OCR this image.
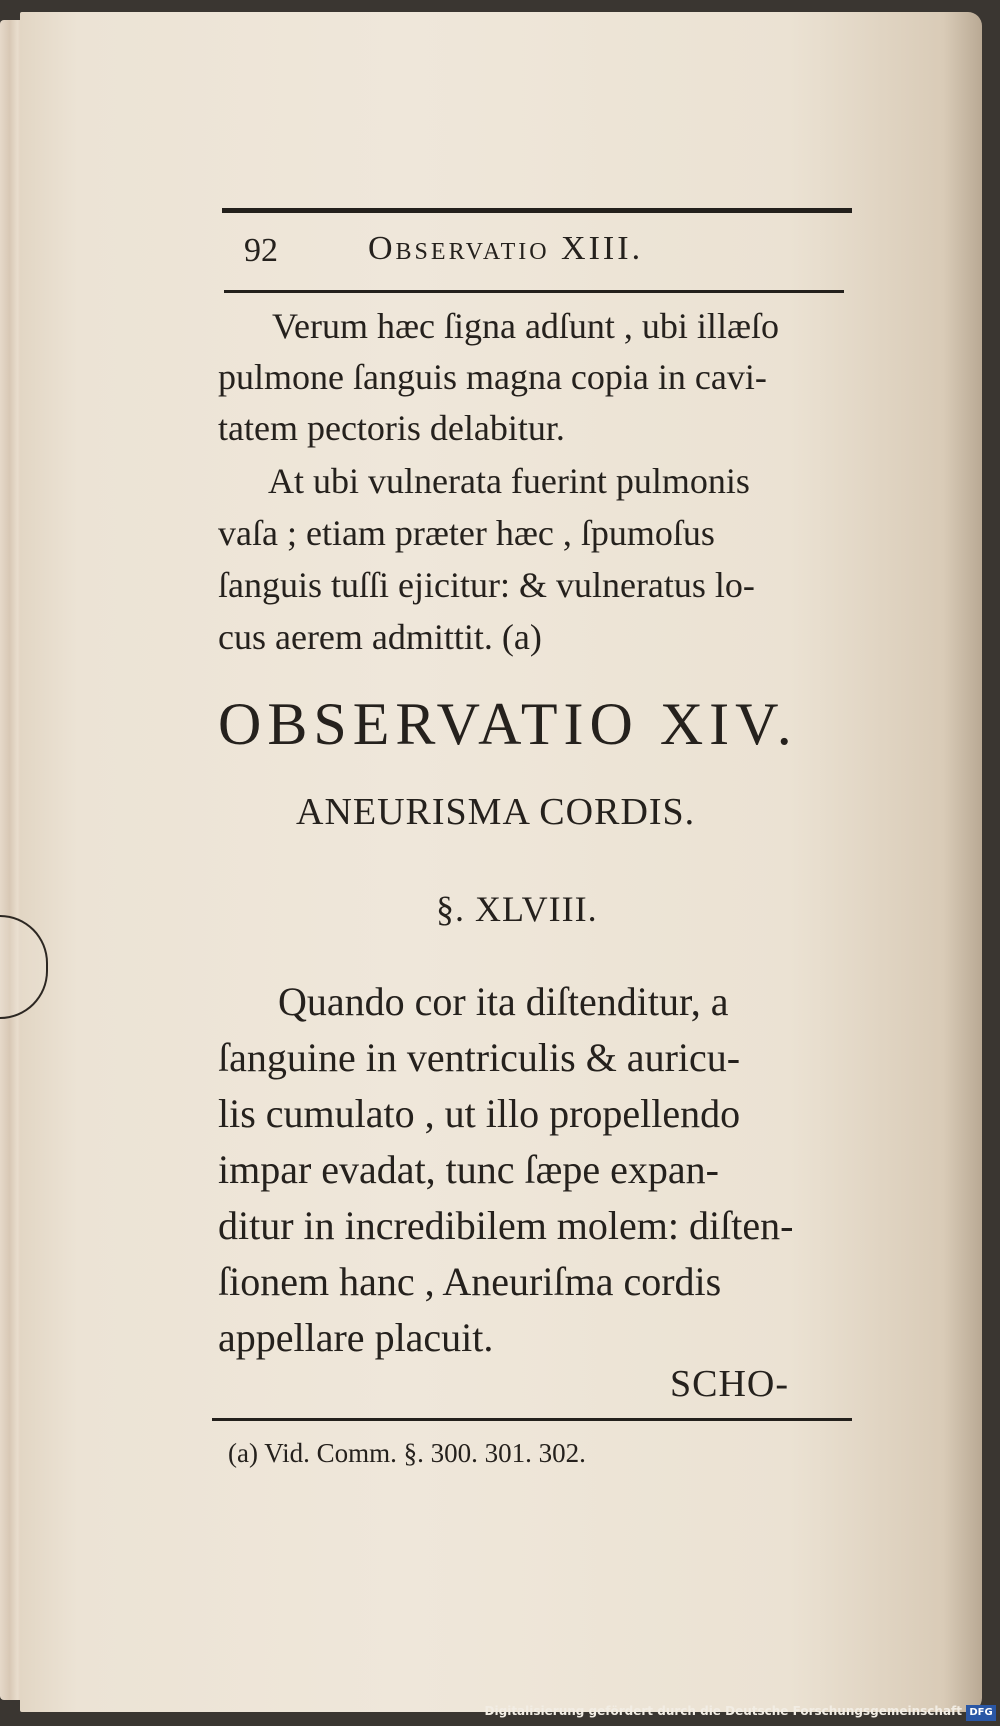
92	Observatio XIII.
Verum hæc ſigna adſunt , ubi illæſo
pulmone ſanguis magna copia in cavi-
tatem pectoris delabitur.
At ubi vulnerata fuerint pulmonis
vaſa ; etiam præter hæc , ſpumoſus
ſanguis tuſſi ejicitur: & vulneratus lo-
cus aerem admittit. (a)
OBSERVATIO XIV.
ANEURISMA CORDIS.
§. XLVIII.
Quando cor ita diſtenditur, a
ſanguine in ventriculis & auricu-
lis cumulato , ut illo propellendo
impar evadat, tunc ſæpe expan-
ditur in incredibilem molem: diſten-
ſionem hanc , Aneuriſma cordis
appellare placuit.
SCHO-
(a) Vid. Comm. §. 300. 301. 302.
Digitalisierung gefördert durch die Deutsche Forschungsgemeinschaft DFG
